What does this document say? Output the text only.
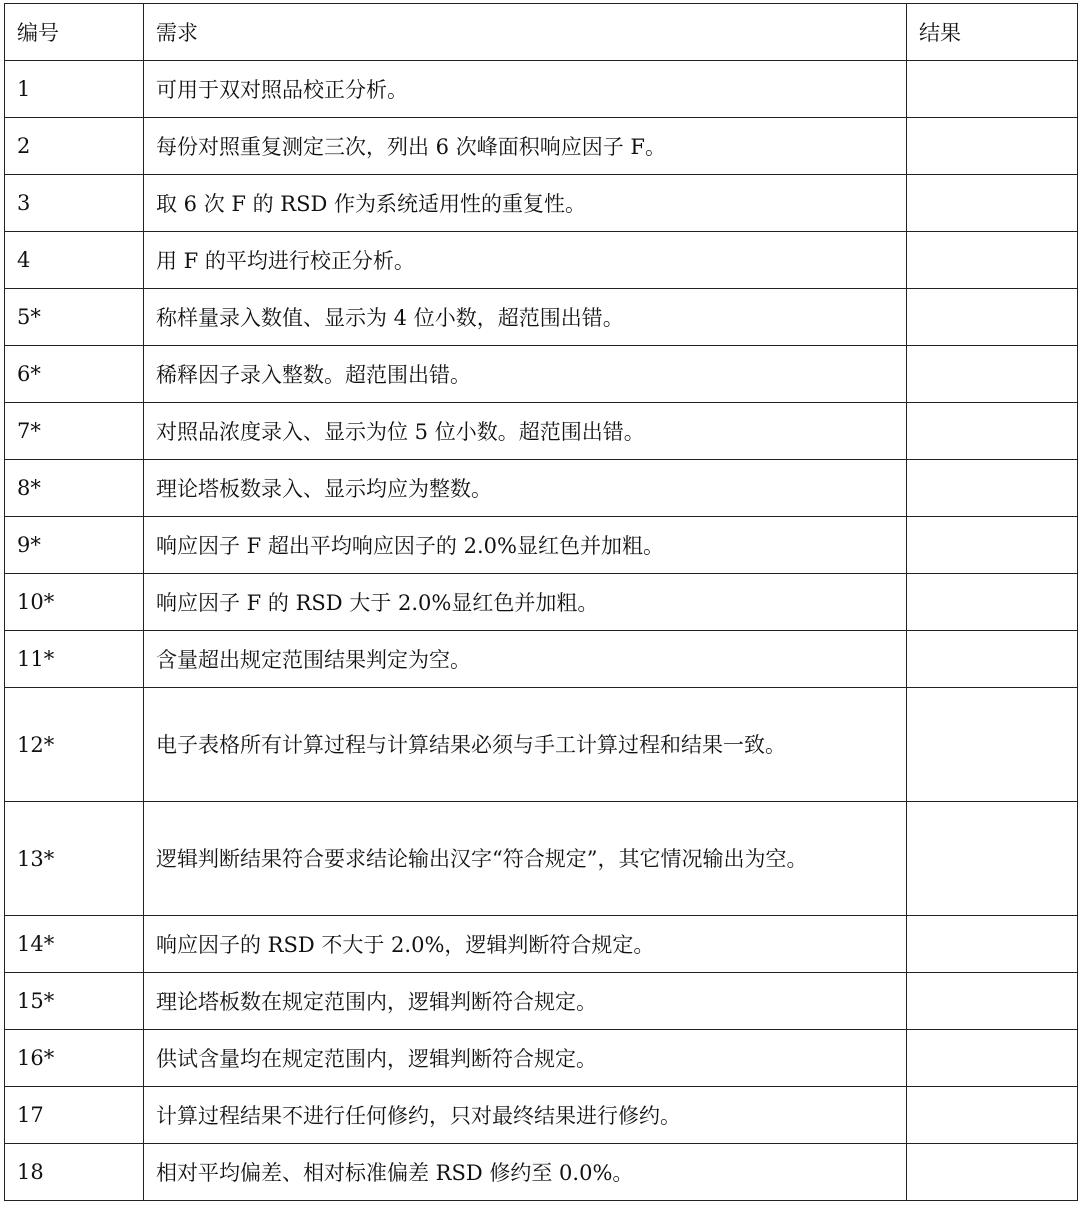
编号	需求	结果
1	可用于双对照品校正分析。	
2	每份对照重复测定三次，列出 6 次峰面积响应因子 F。	
3	取 6 次 F 的 RSD 作为系统适用性的重复性。	
4	用 F 的平均进行校正分析。	
5*	称样量录入数值、显示为 4 位小数，超范围出错。	
6*	稀释因子录入整数。超范围出错。	
7*	对照品浓度录入、显示为位 5 位小数。超范围出错。	
8*	理论塔板数录入、显示均应为整数。	
9*	响应因子 F 超出平均响应因子的 2.0%显红色并加粗。	
10*	响应因子 F 的 RSD 大于 2.0%显红色并加粗。	
11*	含量超出规定范围结果判定为空。	
12*	电子表格所有计算过程与计算结果必须与手工计算过程和结果一致。	
13*	逻辑判断结果符合要求结论输出汉字“符合规定”，其它情况输出为空。	
14*	响应因子的 RSD 不大于 2.0%，逻辑判断符合规定。	
15*	理论塔板数在规定范围内，逻辑判断符合规定。	
16*	供试含量均在规定范围内，逻辑判断符合规定。	
17	计算过程结果不进行任何修约，只对最终结果进行修约。	
18	相对平均偏差、相对标准偏差 RSD 修约至 0.0%。	
